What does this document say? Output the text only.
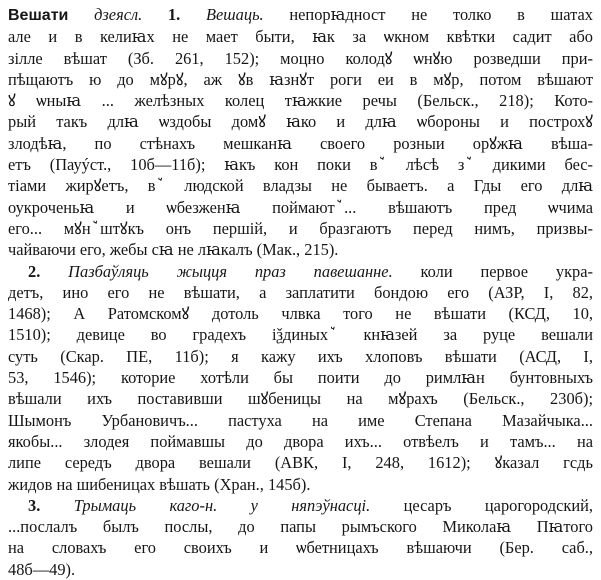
Вешати дзеясл. 1. Вешаць. непорꙗдност не толко в шатах
але и в келиꙗх не мает быти, ꙗк за ѡкном квѣтки садит або
зілле вѣшат (Зб. 261, 152); моцно колодꙋ ѡнꙋю розведши при-
пѣщаютъ ю до мꙋрꙋ, аж ꙋв ꙗзнꙋт роги еи в мꙋр, потом вѣшают
ꙋ ѡныꙗ ... желѣзных колец тꙗжкие речы (Бельск., 218); Кото-
рый такъ длꙗ ѡздобы домꙋ ꙗко и длꙗ ѡбороны и построхꙋ
злодѣꙗ, по стѣнахъ мешканꙗ своего розныи орꙋжꙗ вѣша-
етъ (Пауýст., 10б—11б); ꙗкъ кон поки вꙿ лѣсѣ зꙿ дикими бес-
тіами жирꙋетъ, вꙿ людской владзы не бываетъ. а Гды его длꙗ
оукроченьꙗ и ѡбезженꙗ поймаютꙿ... вѣшаютъ пред ѡчима
его... мꙋнꙿштꙋкъ онъ першій, и бразгаютъ перед нимъ, призвы-
чайваючи его, жебы сꙗ не лꙗкалъ (Мак., 215).
2. Пазбаўляць жыцця праз павешанне. коли первое укра-
детъ, ино его не вѣшати, а заплатити бондою его (АЗР, I, 82,
1468); А Ратомскомꙋ дотоль члвка того не вѣшати (КСД, 10,
1510); девице во градехъ іѯдиныхꙿ кнꙗзей за руце вешали
суть (Скар. ПЕ, 11б); я кажу ихъ хлоповъ вѣшати (АСД, I,
53, 1546); которие хотѣли бы поити до римлꙗн бунтовныхъ
вѣшали ихъ поставивши шꙋбеницы на мꙋрахъ (Бельск., 230б);
Шымонъ Урбановичъ... пастуха на име Степана Мазайчыка...
якобы... злодея поймавшы до двора ихъ... отвѣелъ и тамъ... на
липе середъ двора вешали (АВК, I, 248, 1612); ꙋказал гсдь
жидов на шибеницах вѣшать (Хран., 145б).
3. Трымаць каго-н. у няпэўнасці. цесаръ царогородский,
...послалъ былъ послы, до папы рымъского Миколаꙗ Пꙗтого
на словахъ его своихъ и ѡбетницахъ вѣшаючи (Бер. саб.,
48б—49).
